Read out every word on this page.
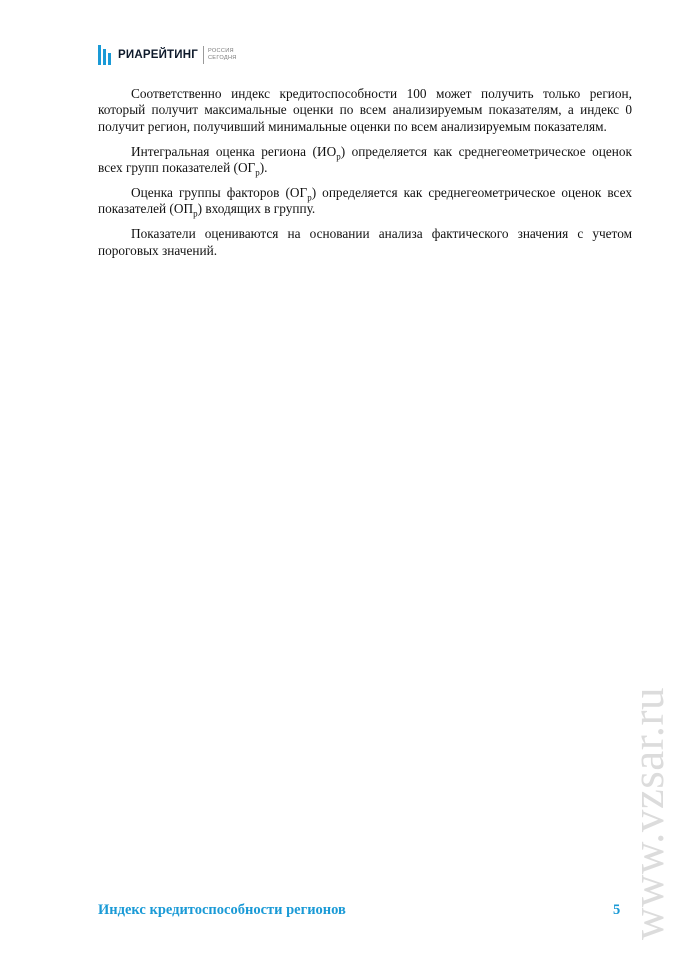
РИАРЕЙТИНГ РОССИЯ
СЕГОДНЯ

Соответственно индекс кредитоспособности 100 может получить только регион, который получит максимальные оценки по всем анализируемым показателям, а индекс 0 получит регион, получивший минимальные оценки по всем анализируемым показателям.

Интегральная оценка региона $(ИО_р)$ определяется как среднегеометрическое оценок всех групп показателей $(ОГ_р)$.

Оценка группы факторов $(ОГ_р)$ определяется как среднегеометрическое оценок всех показателей $(ОП_р)$ входящих в группу.

Показатели оцениваются на основании анализа фактического значения с учетом пороговых значений.

Индекс кредитоспособности регионов	5 www.vzsar.ru
